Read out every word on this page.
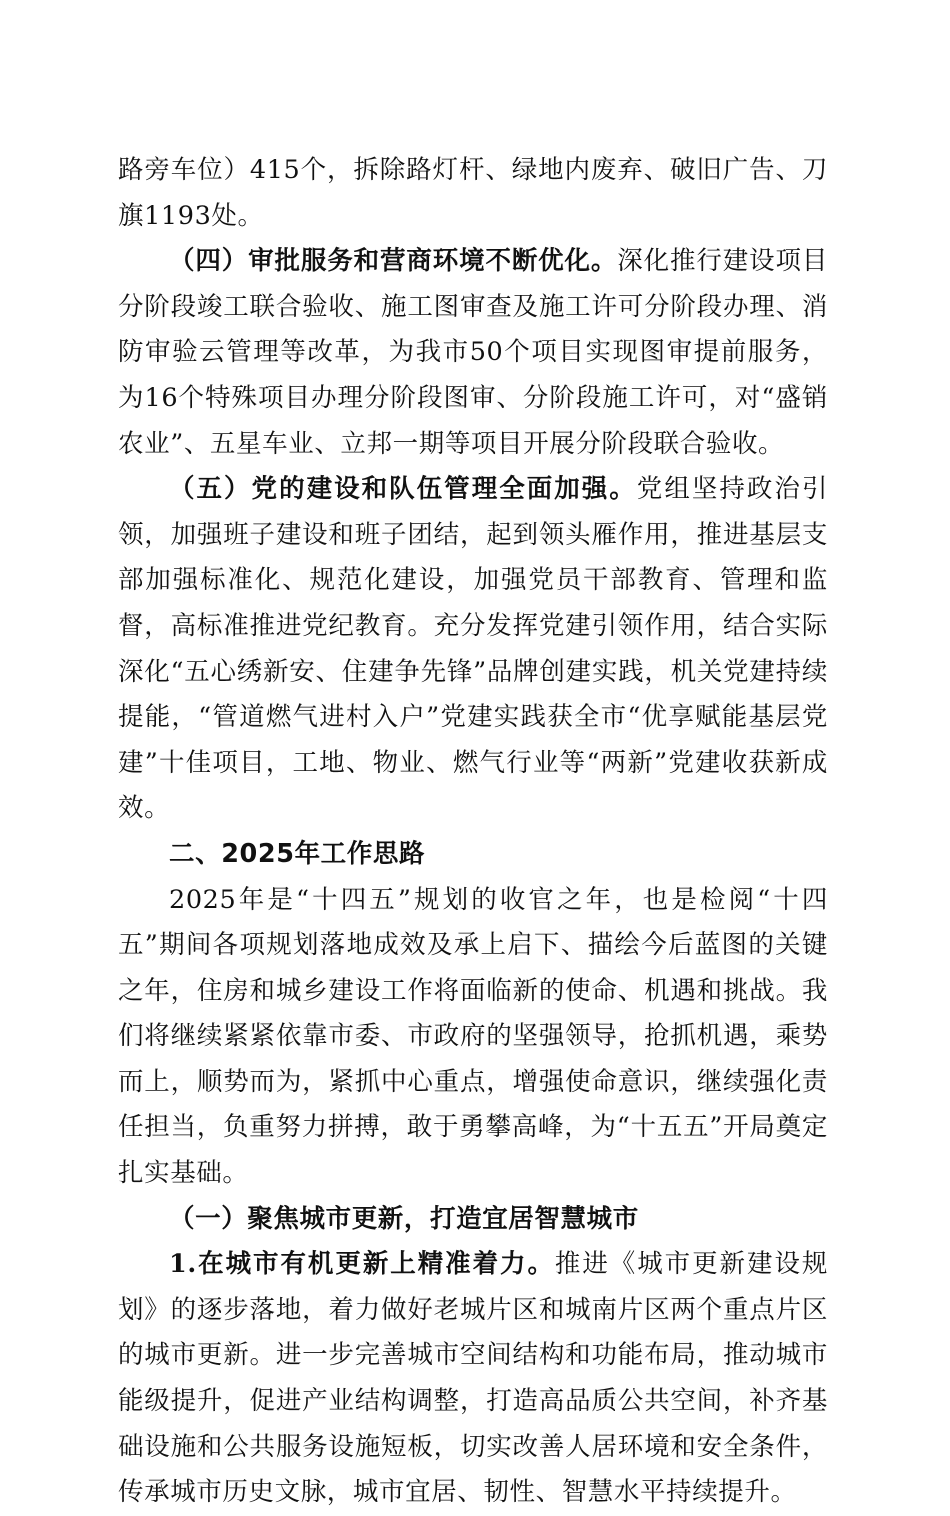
路旁车位）415个，拆除路灯杆、绿地内废弃、破旧广告、刀旗1193处。

（四）审批服务和营商环境不断优化。深化推行建设项目分阶段竣工联合验收、施工图审查及施工许可分阶段办理、消防审验云管理等改革，为我市50个项目实现图审提前服务，为16个特殊项目办理分阶段图审、分阶段施工许可，对“盛销农业”、五星车业、立邦一期等项目开展分阶段联合验收。

（五）党的建设和队伍管理全面加强。党组坚持政治引领，加强班子建设和班子团结，起到领头雁作用，推进基层支部加强标准化、规范化建设，加强党员干部教育、管理和监督，高标准推进党纪教育。充分发挥党建引领作用，结合实际深化“五心绣新安、住建争先锋”品牌创建实践，机关党建持续提能，“管道燃气进村入户”党建实践获全市“优享赋能基层党建”十佳项目，工地、物业、燃气行业等“两新”党建收获新成效。

二、2025年工作思路

2025年是“十四五”规划的收官之年，也是检阅“十四五”期间各项规划落地成效及承上启下、描绘今后蓝图的关键之年，住房和城乡建设工作将面临新的使命、机遇和挑战。我们将继续紧紧依靠市委、市政府的坚强领导，抢抓机遇，乘势而上，顺势而为，紧抓中心重点，增强使命意识，继续强化责任担当，负重努力拼搏，敢于勇攀高峰，为“十五五”开局奠定扎实基础。

（一）聚焦城市更新，打造宜居智慧城市

1.在城市有机更新上精准着力。推进《城市更新建设规划》的逐步落地，着力做好老城片区和城南片区两个重点片区的城市更新。进一步完善城市空间结构和功能布局，推动城市能级提升，促进产业结构调整，打造高品质公共空间，补齐基础设施和公共服务设施短板，切实改善人居环境和安全条件，传承城市历史文脉，城市宜居、韧性、智慧水平持续提升。
